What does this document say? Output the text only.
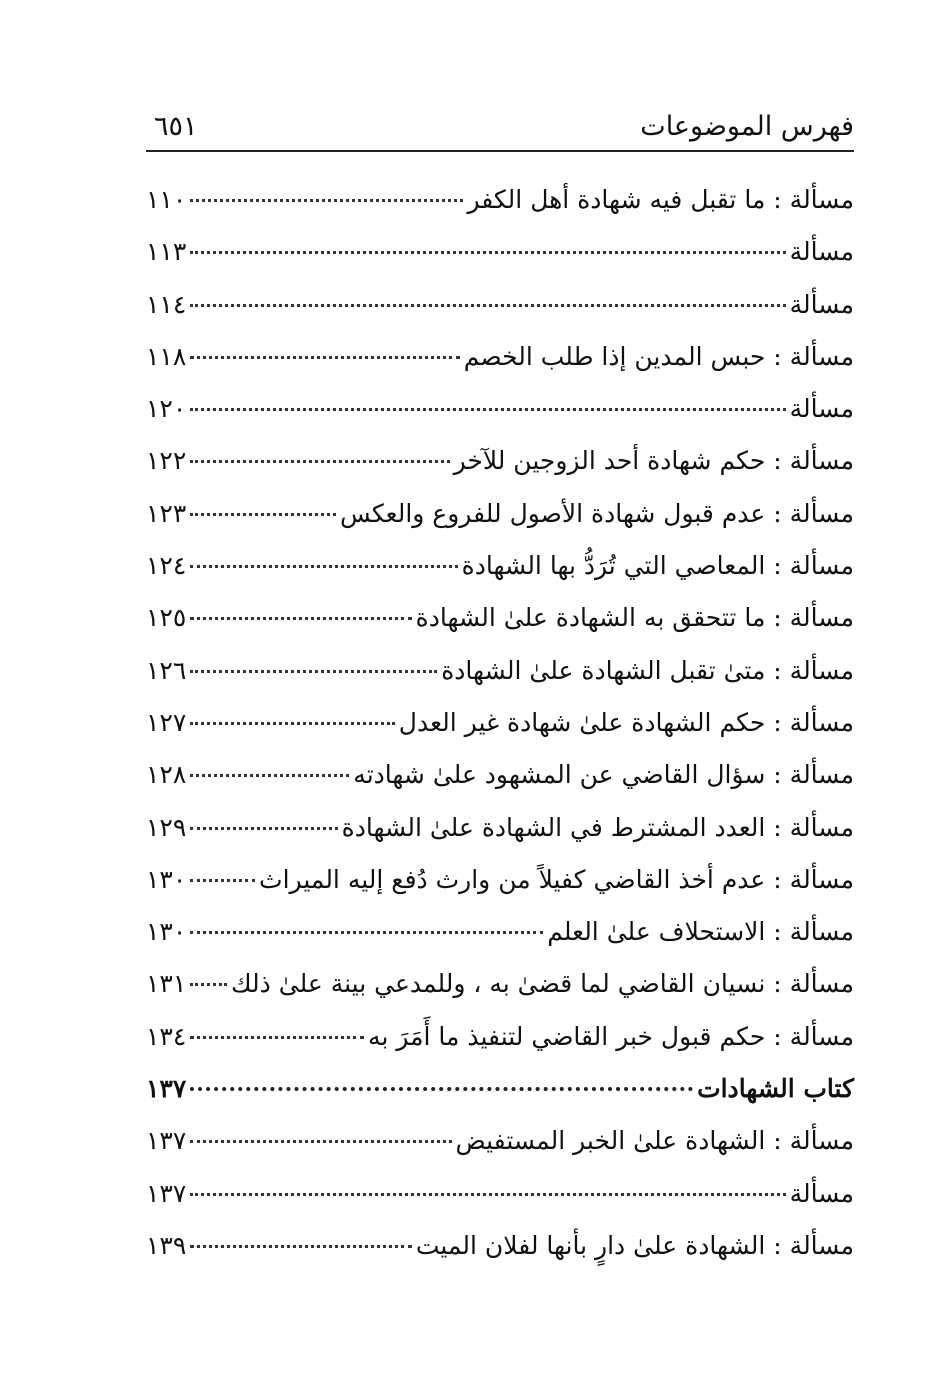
فهرس الموضوعات
٦٥١
مسألة : ما تقبل فيه شهادة أهل الكفر
١١٠
مسألة
١١٣
مسألة
١١٤
مسألة : حبس المدين إذا طلب الخصم
١١٨
مسألة
١٢٠
مسألة : حكم شهادة أحد الزوجين للآخر
١٢٢
مسألة : عدم قبول شهادة الأصول للفروع والعكس
١٢٣
مسألة : المعاصي التي تُرَدُّ بها الشهادة
١٢٤
مسألة : ما تتحقق به الشهادة علىٰ الشهادة
١٢٥
مسألة : متىٰ تقبل الشهادة علىٰ الشهادة
١٢٦
مسألة : حكم الشهادة علىٰ شهادة غير العدل
١٢٧
مسألة : سؤال القاضي عن المشهود علىٰ شهادته
١٢٨
مسألة : العدد المشترط في الشهادة علىٰ الشهادة
١٢٩
مسألة : عدم أخذ القاضي كفيلاً من وارث دُفع إليه الميراث
١٣٠
مسألة : الاستحلاف علىٰ العلم
١٣٠
مسألة : نسيان القاضي لما قضىٰ به ، وللمدعي بينة علىٰ ذلك
١٣١
مسألة : حكم قبول خبر القاضي لتنفيذ ما أَمَرَ به
١٣٤
كتاب الشهادات
١٣٧
مسألة : الشهادة علىٰ الخبر المستفيض
١٣٧
مسألة
١٣٧
مسألة : الشهادة علىٰ دارٍ بأنها لفلان الميت
١٣٩
